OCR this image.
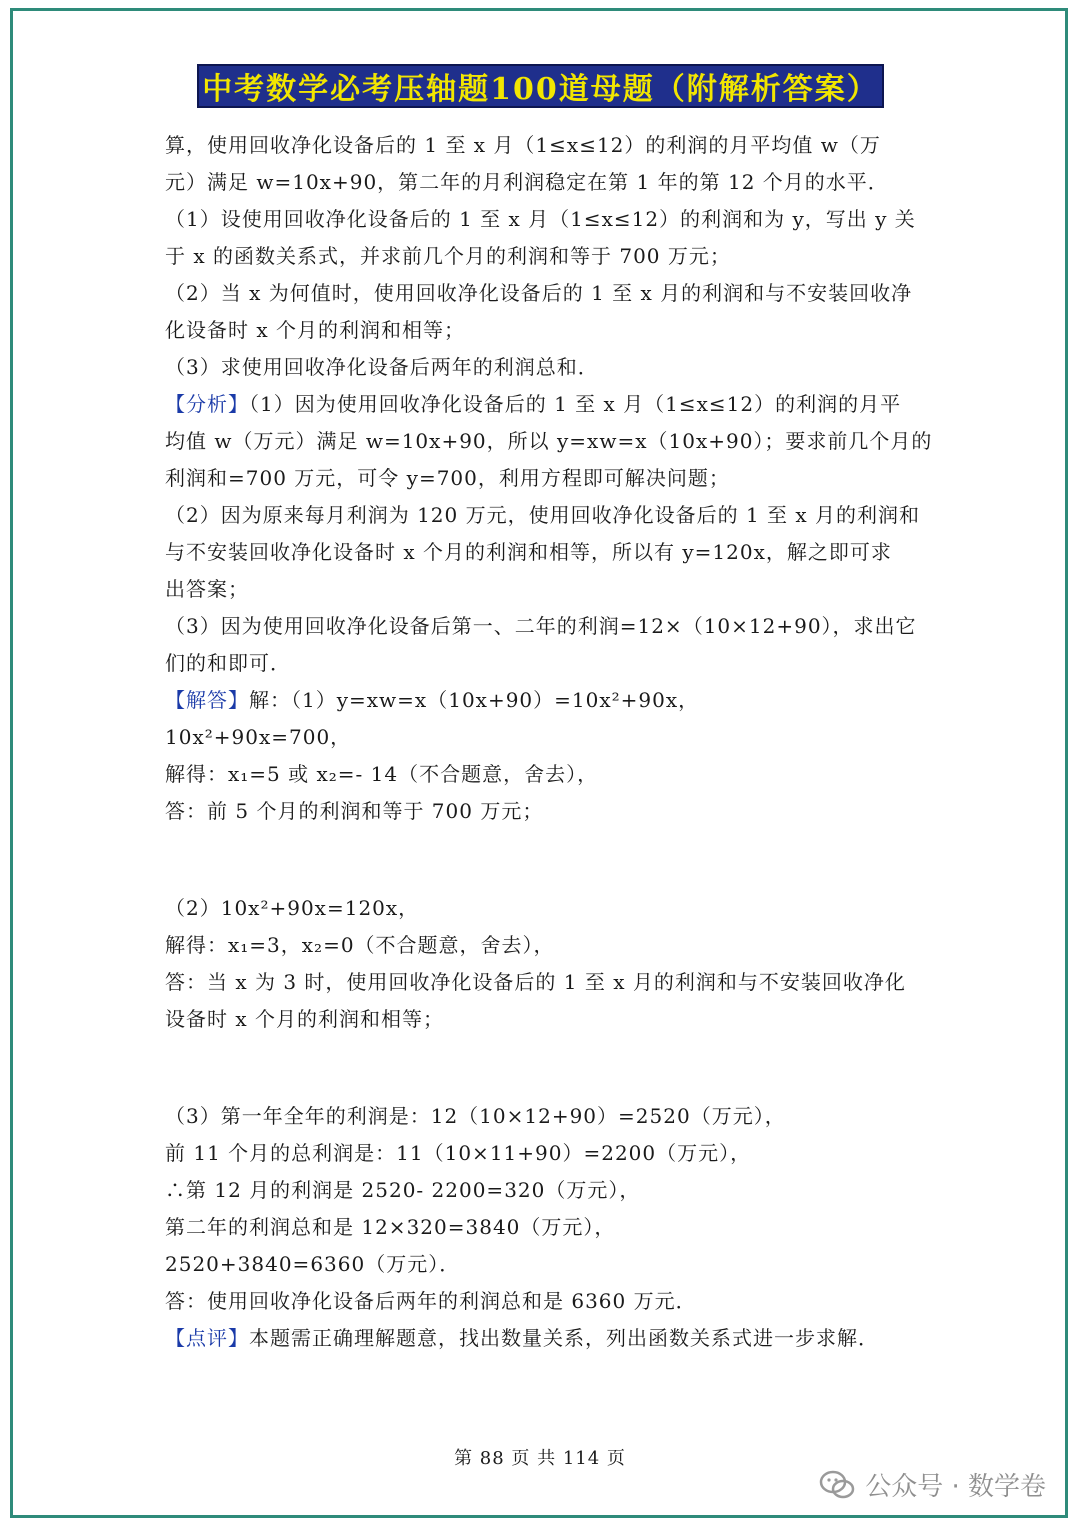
中考数学必考压轴题100道母题（附解析答案）
算，使用回收净化设备后的 1 至 x 月（1≤x≤12）的利润的月平均值 w（万
元）满足 w=10x+90，第二年的月利润稳定在第 1 年的第 12 个月的水平．
（1）设使用回收净化设备后的 1 至 x 月（1≤x≤12）的利润和为 y，写出 y 关
于 x 的函数关系式，并求前几个月的利润和等于 700 万元；
（2）当 x 为何值时，使用回收净化设备后的 1 至 x 月的利润和与不安装回收净
化设备时 x 个月的利润和相等；
（3）求使用回收净化设备后两年的利润总和．
【分析】（1）因为使用回收净化设备后的 1 至 x 月（1≤x≤12）的利润的月平
均值 w（万元）满足 w=10x+90，所以 y=xw=x（10x+90）；要求前几个月的
利润和=700 万元，可令 y=700，利用方程即可解决问题；
（2）因为原来每月利润为 120 万元，使用回收净化设备后的 1 至 x 月的利润和
与不安装回收净化设备时 x 个月的利润和相等，所以有 y=120x，解之即可求
出答案；
（3）因为使用回收净化设备后第一、二年的利润=12×（10×12+90），求出它
们的和即可．
【解答】解：（1）y=xw=x（10x+90）=10x²+90x，
10x²+90x=700，
解得：x₁=5 或 x₂=- 14（不合题意，舍去），
答：前 5 个月的利润和等于 700 万元；
（2）10x²+90x=120x，
解得：x₁=3，x₂=0（不合题意，舍去），
答：当 x 为 3 时，使用回收净化设备后的 1 至 x 月的利润和与不安装回收净化
设备时 x 个月的利润和相等；
（3）第一年全年的利润是：12（10×12+90）=2520（万元），
前 11 个月的总利润是：11（10×11+90）=2200（万元），
∴第 12 月的利润是 2520- 2200=320（万元），
第二年的利润总和是 12×320=3840（万元），
2520+3840=6360（万元）．
答：使用回收净化设备后两年的利润总和是 6360 万元．
【点评】本题需正确理解题意，找出数量关系，列出函数关系式进一步求解．
第 88 页 共 114 页
公众号 · 数学卷
